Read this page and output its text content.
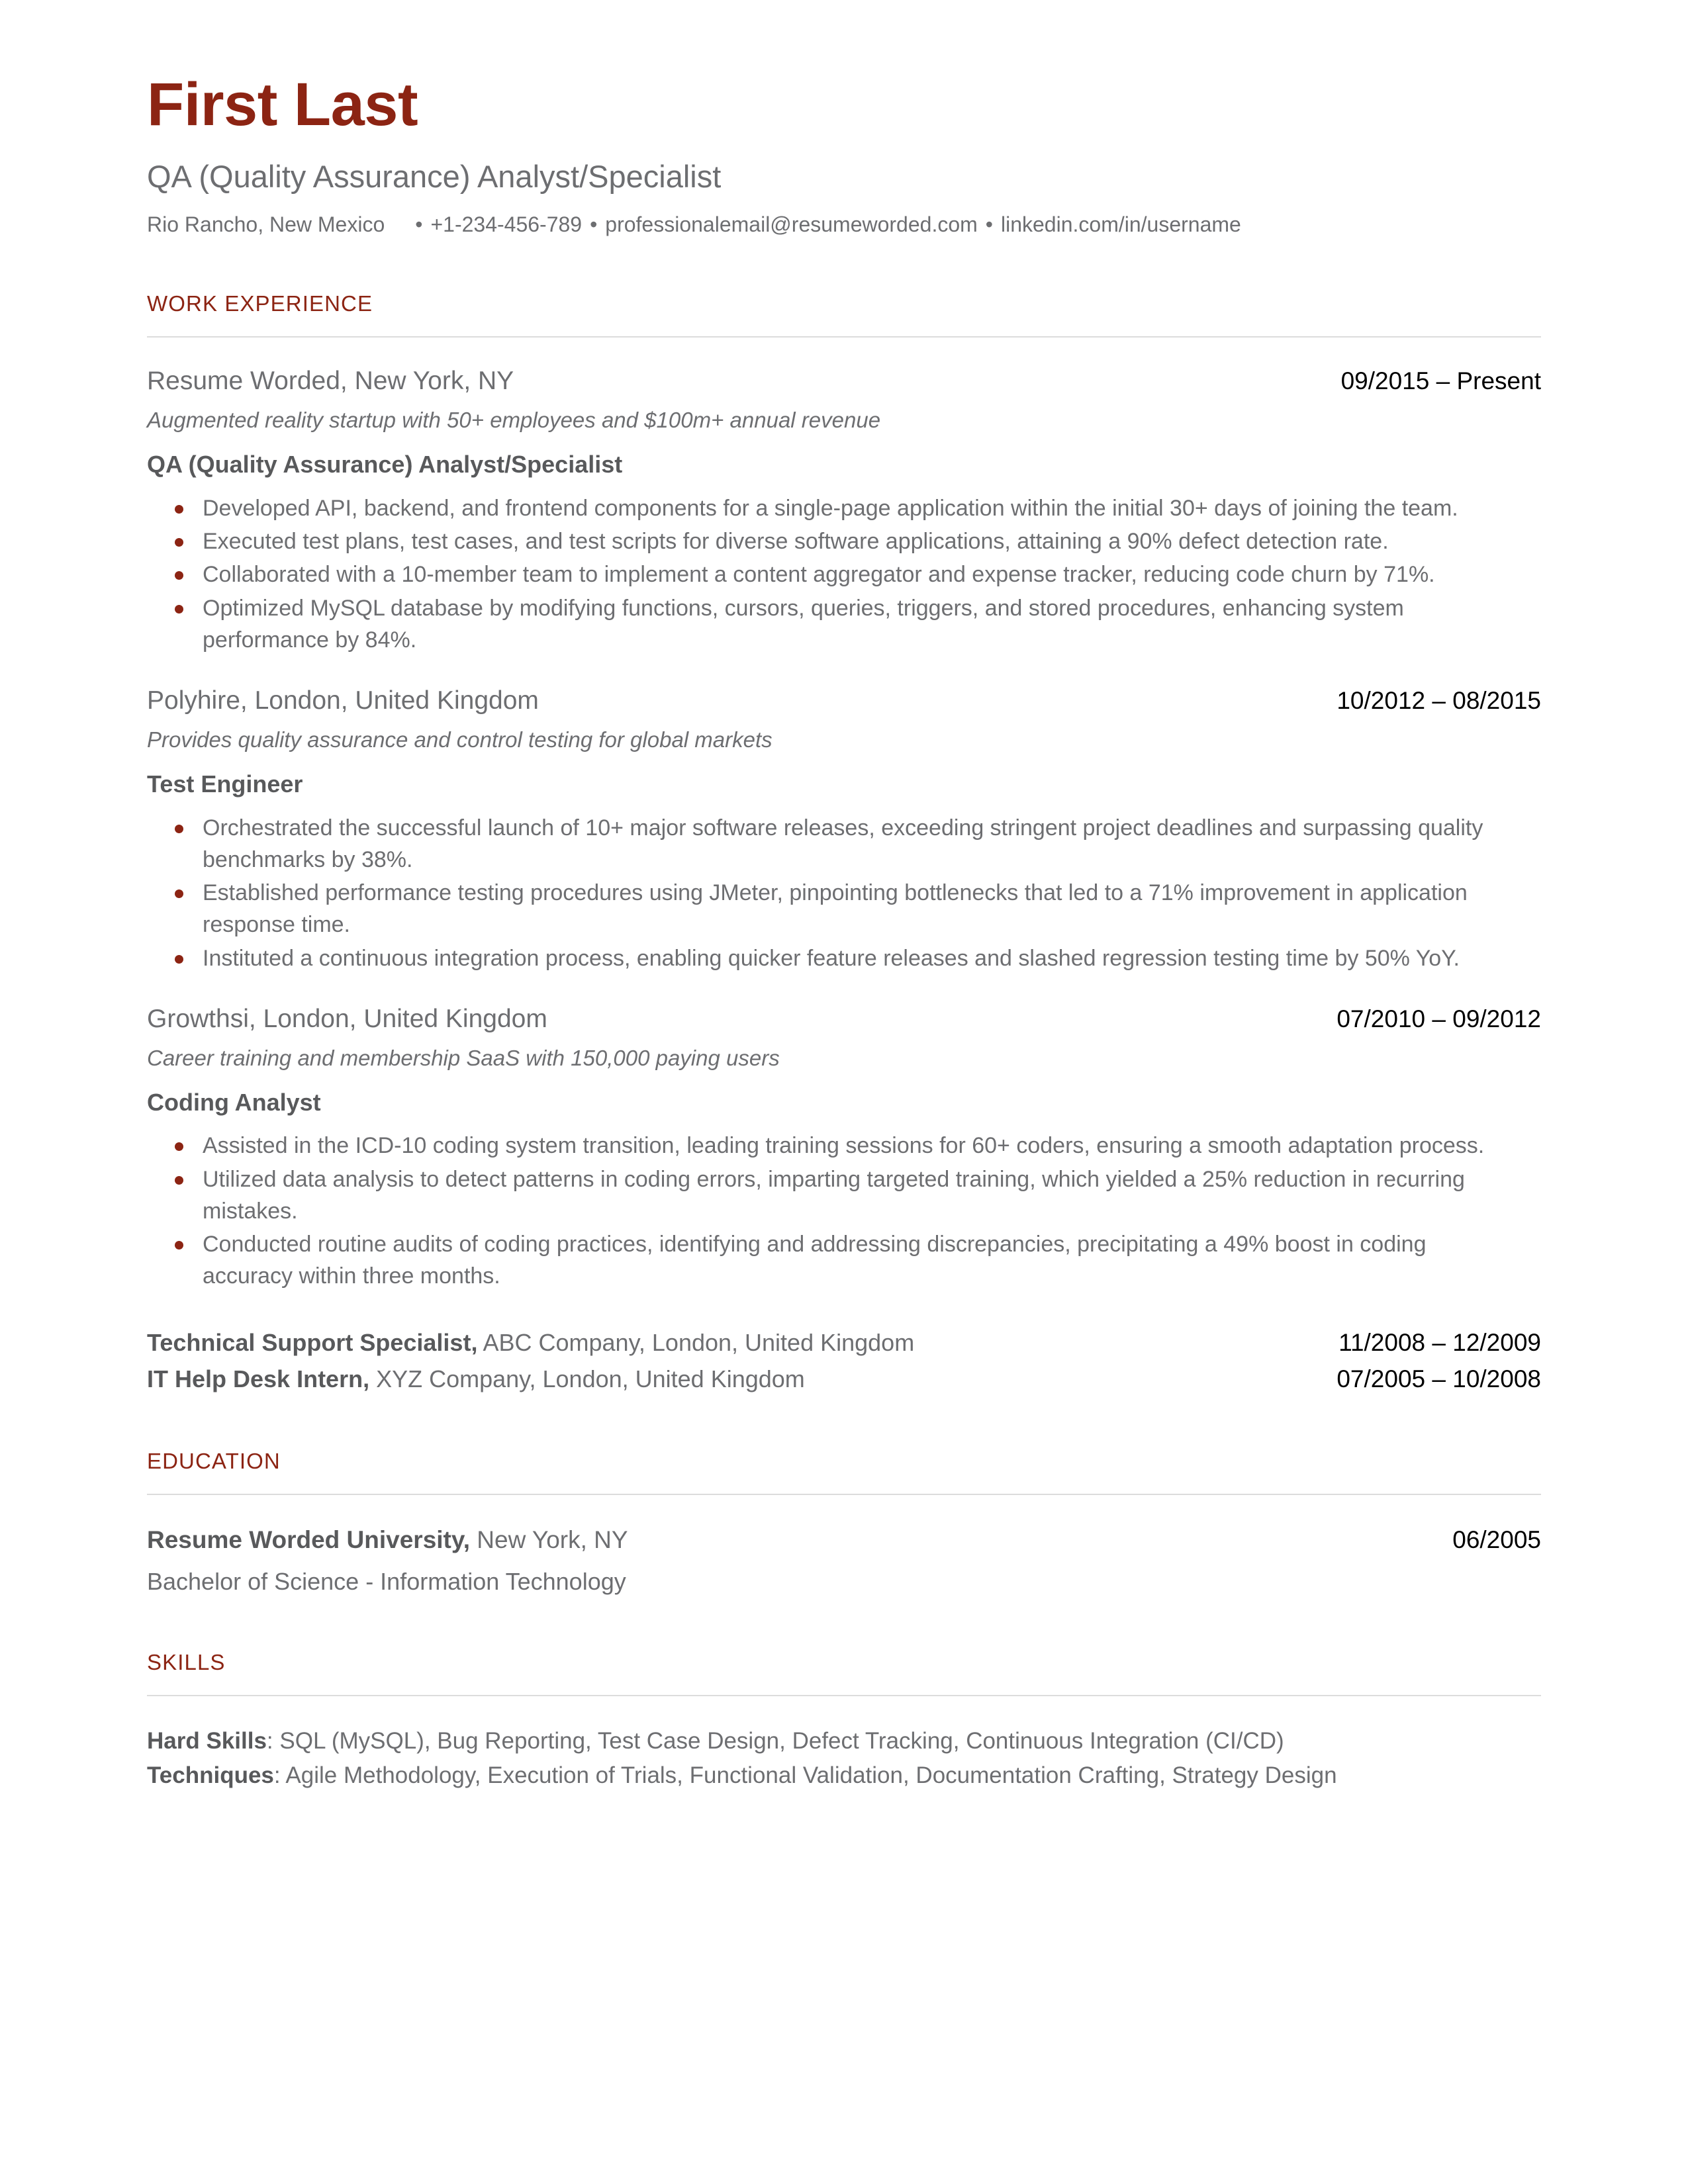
First Last
QA (Quality Assurance) Analyst/Specialist
Rio Rancho, New Mexico • +1-234-456-789 • professionalemail@resumeworded.com • linkedin.com/in/username
WORK EXPERIENCE
Resume Worded, New York, NY	09/2015 – Present
Augmented reality startup with 50+ employees and $100m+ annual revenue
QA (Quality Assurance) Analyst/Specialist
Developed API, backend, and frontend components for a single-page application within the initial 30+ days of joining the team.
Executed test plans, test cases, and test scripts for diverse software applications, attaining a 90% defect detection rate.
Collaborated with a 10-member team to implement a content aggregator and expense tracker, reducing code churn by 71%.
Optimized MySQL database by modifying functions, cursors, queries, triggers, and stored procedures, enhancing system performance by 84%.
Polyhire, London, United Kingdom	10/2012 – 08/2015
Provides quality assurance and control testing for global markets
Test Engineer
Orchestrated the successful launch of 10+ major software releases, exceeding stringent project deadlines and surpassing quality benchmarks by 38%.
Established performance testing procedures using JMeter, pinpointing bottlenecks that led to a 71% improvement in application response time.
Instituted a continuous integration process, enabling quicker feature releases and slashed regression testing time by 50% YoY.
Growthsi, London, United Kingdom	07/2010 – 09/2012
Career training and membership SaaS with 150,000 paying users
Coding Analyst
Assisted in the ICD-10 coding system transition, leading training sessions for 60+ coders, ensuring a smooth adaptation process.
Utilized data analysis to detect patterns in coding errors, imparting targeted training, which yielded a 25% reduction in recurring mistakes.
Conducted routine audits of coding practices, identifying and addressing discrepancies, precipitating a 49% boost in coding accuracy within three months.
Technical Support Specialist, ABC Company, London, United Kingdom	11/2008 – 12/2009
IT Help Desk Intern, XYZ Company, London, United Kingdom	07/2005 – 10/2008
EDUCATION
Resume Worded University, New York, NY	06/2005
Bachelor of Science - Information Technology
SKILLS
Hard Skills: SQL (MySQL), Bug Reporting, Test Case Design, Defect Tracking, Continuous Integration (CI/CD)
Techniques: Agile Methodology, Execution of Trials, Functional Validation, Documentation Crafting, Strategy Design
